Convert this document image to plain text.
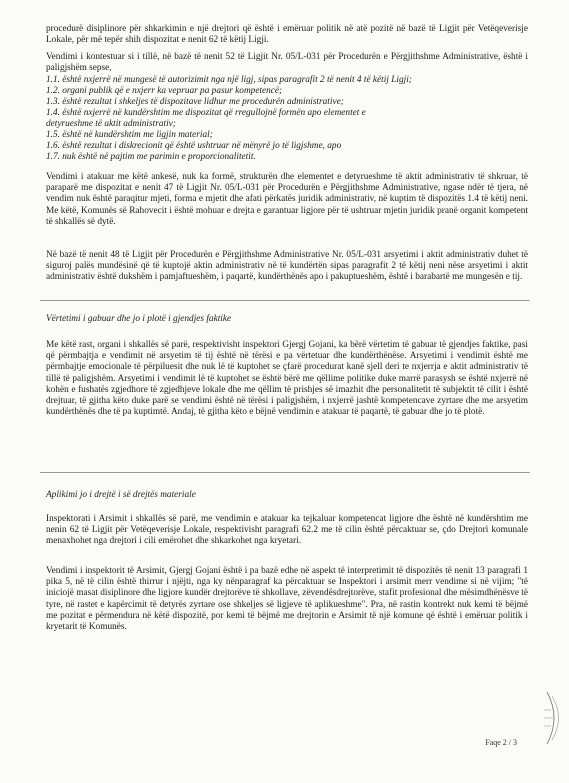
procedurë disiplinore për shkarkimin e një drejtori që është i emëruar politik në atë pozitë në bazë të Ligjit për Vetëqeverisje Lokale, për më tepër shih dispozitat e nenit 62 të këtij Ligji.
Vendimi i kontestuar si i tillë, në bazë të nenit 52 të Ligjit Nr. 05/L-031 për Procedurën e Përgjithshme Administrative, është i paligjshëm sepse,
1.1. është nxjerrë në mungesë të autorizimit nga një ligj, sipas paragrafit 2 të nenit 4 të këtij Ligji;
1.2. organi publik që e nxjerr ka vepruar pa pasur kompetencë;
1.3. është rezultat i shkeljes të dispozitave lidhur me procedurën administrative;
1.4. është nxjerrë në kundërshtim me dispozitat që rregullojnë formën apo elementet e
detyrueshme të aktit administrativ;
1.5. është në kundërshtim me ligjin material;
1.6. është rezultat i diskrecionit që është ushtruar në mënyrë jo të ligjshme, apo
1.7. nuk është në pajtim me parimin e proporcionalitetit.
Vendimi i atakuar me këtë ankesë, nuk ka formë, strukturën dhe elementet e detyrueshme të aktit administrativ të shkruar, të paraparë me dispozitat e nenit 47 të Ligjit Nr. 05/L-031 për Procedurën e Përgjithshme Administrative, ngase ndër të tjera, në vendim nuk është paraqitur mjeti, forma e mjetit dhe afati përkatës juridik administrativ, në kuptim të dispozitës 1.4 të këtij neni. Me këtë, Komunës së Rahovecit i është mohuar e drejta e garantuar ligjore për të ushtruar mjetin juridik pranë organit kompetent të shkallës së dytë.
Në bazë të nenit 48 të Ligjit për Procedurën e Përgjithshme Administrative Nr. 05/L-031 arsyetimi i aktit administrativ duhet të siguroj palës mundësinë që të kuptojë aktin administrativ në të kundërtën sipas paragrafit 2 të këtij neni nëse arsyetimi i aktit administrativ është dukshëm i pamjaftueshëm, i paqartë, kundërthënës apo i pakuptueshëm, është i barabartë me mungesën e tij.
Vërtetimi i gabuar dhe jo i plotë i gjendjes faktike
Me këtë rast, organi i shkallës së parë, respektivisht inspektori Gjergj Gojani, ka bërë vërtetim të gabuar të gjendjes faktike, pasi që përmbajtja e vendimit në arsyetim të tij është në tërësi e pa vërtetuar dhe kundërthënëse. Arsyetimi i vendimit është me përmbajtje emocionale të përpiluesit dhe nuk lë të kuptohet se çfarë procedurat kanë sjell deri te nxjerrja e aktit administrativ të tillë të paligjshëm. Arsyetimi i vendimit lë të kuptohet se është bërë me qëllime politike duke marrë parasysh se është nxjerrë në kohën e fushatës zgjedhore të zgjedhjeve lokale dhe me qëllim të prishjes së imazhit dhe personalitetit të subjektit të cilit i është drejtuar, të gjitha këto duke parë se vendimi është në tërësi i paligjshëm, i nxjerrë jashtë kompetencave zyrtare dhe me arsyetim kundërthënës dhe të pa kuptimtë. Andaj, të gjitha këto e bëjnë vendimin e atakuar të paqartë, të gabuar dhe jo të plotë.
Aplikimi jo i drejtë i së drejtës materiale
Inspektorati i Arsimit i shkallës së parë, me vendimin e atakuar ka tejkaluar kompetencat ligjore dhe është në kundërshtim me nenin 62 të Ligjit për Vetëqeverisje Lokale, respektivisht paragrafi 62.2 me të cilin është përcaktuar se, çdo Drejtori komunale menaxhohet nga drejtori i cili emërohet dhe shkarkohet nga kryetari.
Vendimi i inspektorit të Arsimit, Gjergj Gojani është i pa bazë edhe në aspekt të interpretimit të dispozitës të nenit 13 paragrafi 1 pika 5, në të cilin është thirrur i njëjti, nga ky nënparagraf ka përcaktuar se Inspektori i arsimit merr vendime si në vijim; "të iniciojë masat disiplinore dhe ligjore kundër drejtorëve të shkollave, zëvendësdrejtorëve, stafit profesional dhe mësimdhënësve të tyre, në rastet e kapërcimit të detyrës zyrtare ose shkeljes së ligjeve të aplikueshme". Pra, në rastin kontrekt nuk kemi të bëjmë me pozitat e përmendura në këtë dispozitë, por kemi të bëjmë me drejtorin e Arsimit të një komune që është i emëruar politik i kryetarit të Komunës.
Faqe 2 / 3
